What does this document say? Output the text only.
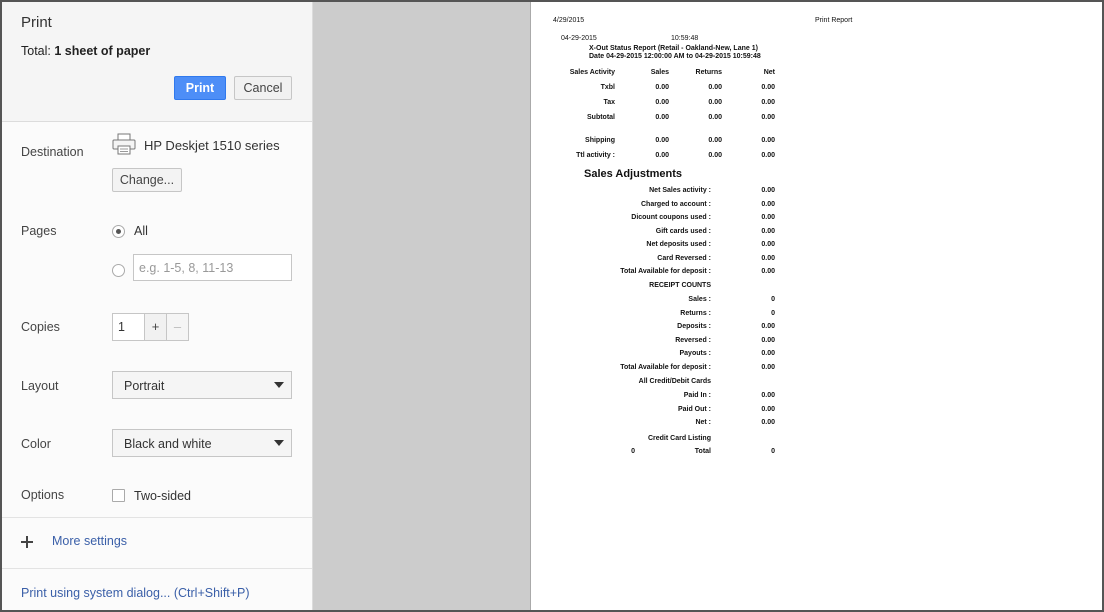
Print
Total: 1 sheet of paper
Print	Cancel
Destination	HP Deskjet 1510 series
Change...
Pages	All
e.g. 1-5, 8, 11-13
Copies	1	+	–
Layout	Portrait
Color	Black and white
Options	Two-sided
More settings
Print using system dialog... (Ctrl+Shift+P)
4/29/2015	Print Report
04-29-2015	10:59:48
X-Out Status Report (Retail - Oakland-New, Lane 1)
Date 04-29-2015 12:00:00 AM to 04-29-2015 10:59:48
Sales Activity	Sales	Returns	Net
Txbl	0.00	0.00	0.00
Tax	0.00	0.00	0.00
Subtotal	0.00	0.00	0.00
Shipping	0.00	0.00	0.00
Ttl activity :	0.00	0.00	0.00
Sales Adjustments
Net Sales activity :	0.00
Charged to account :	0.00
Dicount coupons used :	0.00
Gift cards used :	0.00
Net deposits used :	0.00
Card Reversed :	0.00
Total Available for deposit :	0.00
RECEIPT COUNTS
Sales :	0
Returns :	0
Deposits :	0.00
Reversed :	0.00
Payouts :	0.00
Total Available for deposit :	0.00
All Credit/Debit Cards
Paid In :	0.00
Paid Out :	0.00
Net :	0.00
Credit Card Listing
0	Total	0
